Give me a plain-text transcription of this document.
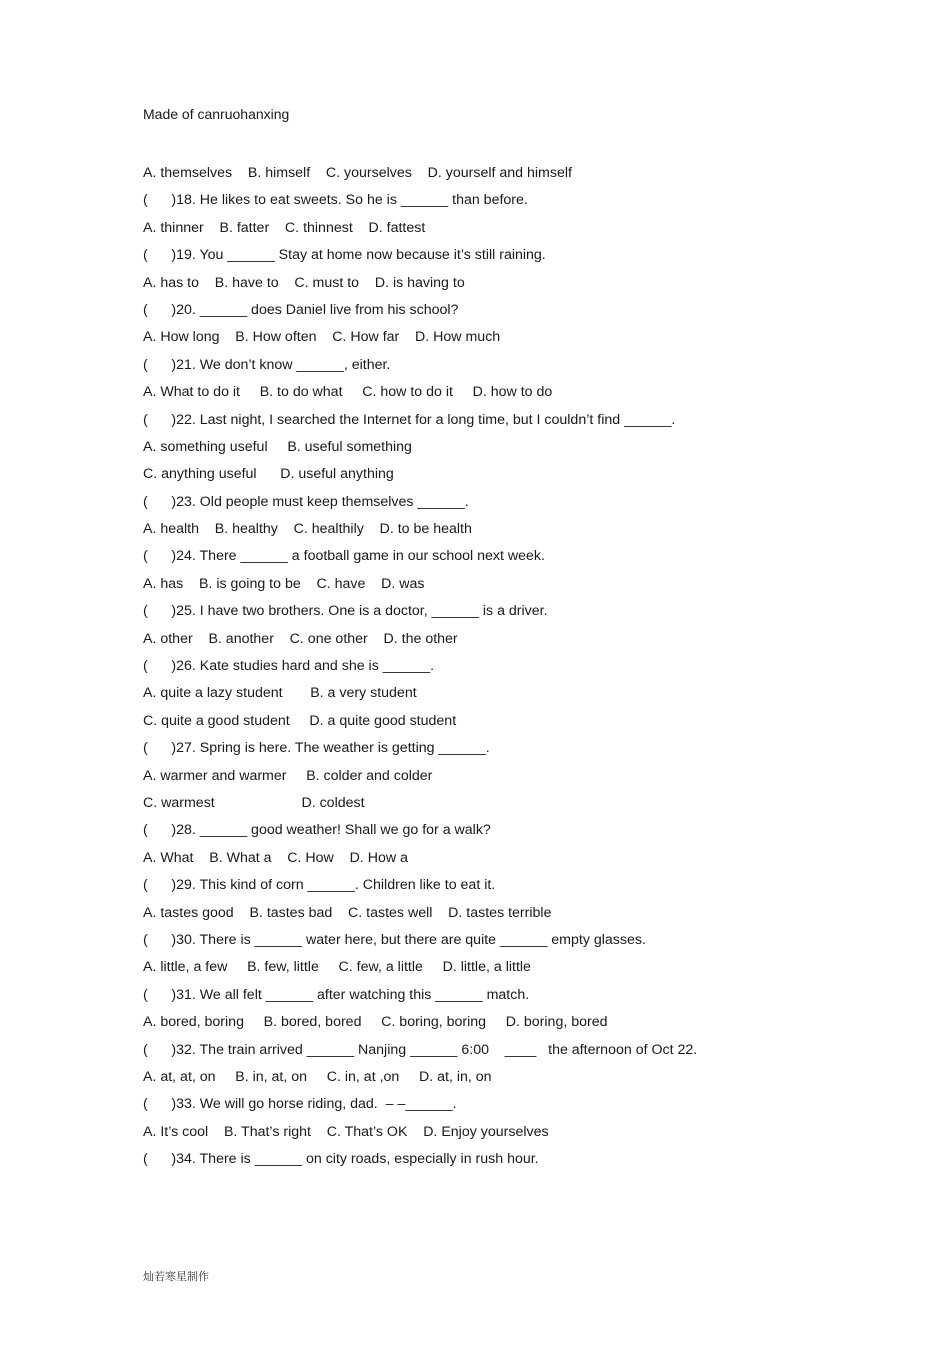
Made of canruohanxing
A. themselves    B. himself    C. yourselves    D. yourself and himself
(      )18. He likes to eat sweets. So he is ______ than before.
A. thinner    B. fatter    C. thinnest    D. fattest
(      )19. You ______ Stay at home now because it’s still raining.
A. has to    B. have to    C. must to    D. is having to
(      )20. ______ does Daniel live from his school?
A. How long    B. How often    C. How far    D. How much
(      )21. We don’t know ______, either.
A. What to do it     B. to do what     C. how to do it     D. how to do
(      )22. Last night, I searched the Internet for a long time, but I couldn’t find ______.
A. something useful     B. useful something
C. anything useful      D. useful anything
(      )23. Old people must keep themselves ______.
A. health    B. healthy    C. healthily    D. to be health
(      )24. There ______ a football game in our school next week.
A. has    B. is going to be    C. have    D. was
(      )25. I have two brothers. One is a doctor, ______ is a driver.
A. other    B. another    C. one other    D. the other
(      )26. Kate studies hard and she is ______.
A. quite a lazy student       B. a very student
C. quite a good student     D. a quite good student
(      )27. Spring is here. The weather is getting ______.
A. warmer and warmer     B. colder and colder
C. warmest                      D. coldest
(      )28. ______ good weather! Shall we go for a walk?
A. What    B. What a    C. How    D. How a
(      )29. This kind of corn ______. Children like to eat it.
A. tastes good    B. tastes bad    C. tastes well    D. tastes terrible
(      )30. There is ______ water here, but there are quite ______ empty glasses.
A. little, a few     B. few, little     C. few, a little     D. little, a little
(      )31. We all felt ______ after watching this ______ match.
A. bored, boring     B. bored, bored     C. boring, boring     D. boring, bored
(      )32. The train arrived ______ Nanjing ______ 6:00    ____   the afternoon of Oct 22.
A. at, at, on     B. in, at, on     C. in, at ,on     D. at, in, on
(      )33. We will go horse riding, dad.  – –______.
A. It’s cool    B. That’s right    C. That’s OK    D. Enjoy yourselves
(      )34. There is ______ on city roads, especially in rush hour.
灿若寒星制作
